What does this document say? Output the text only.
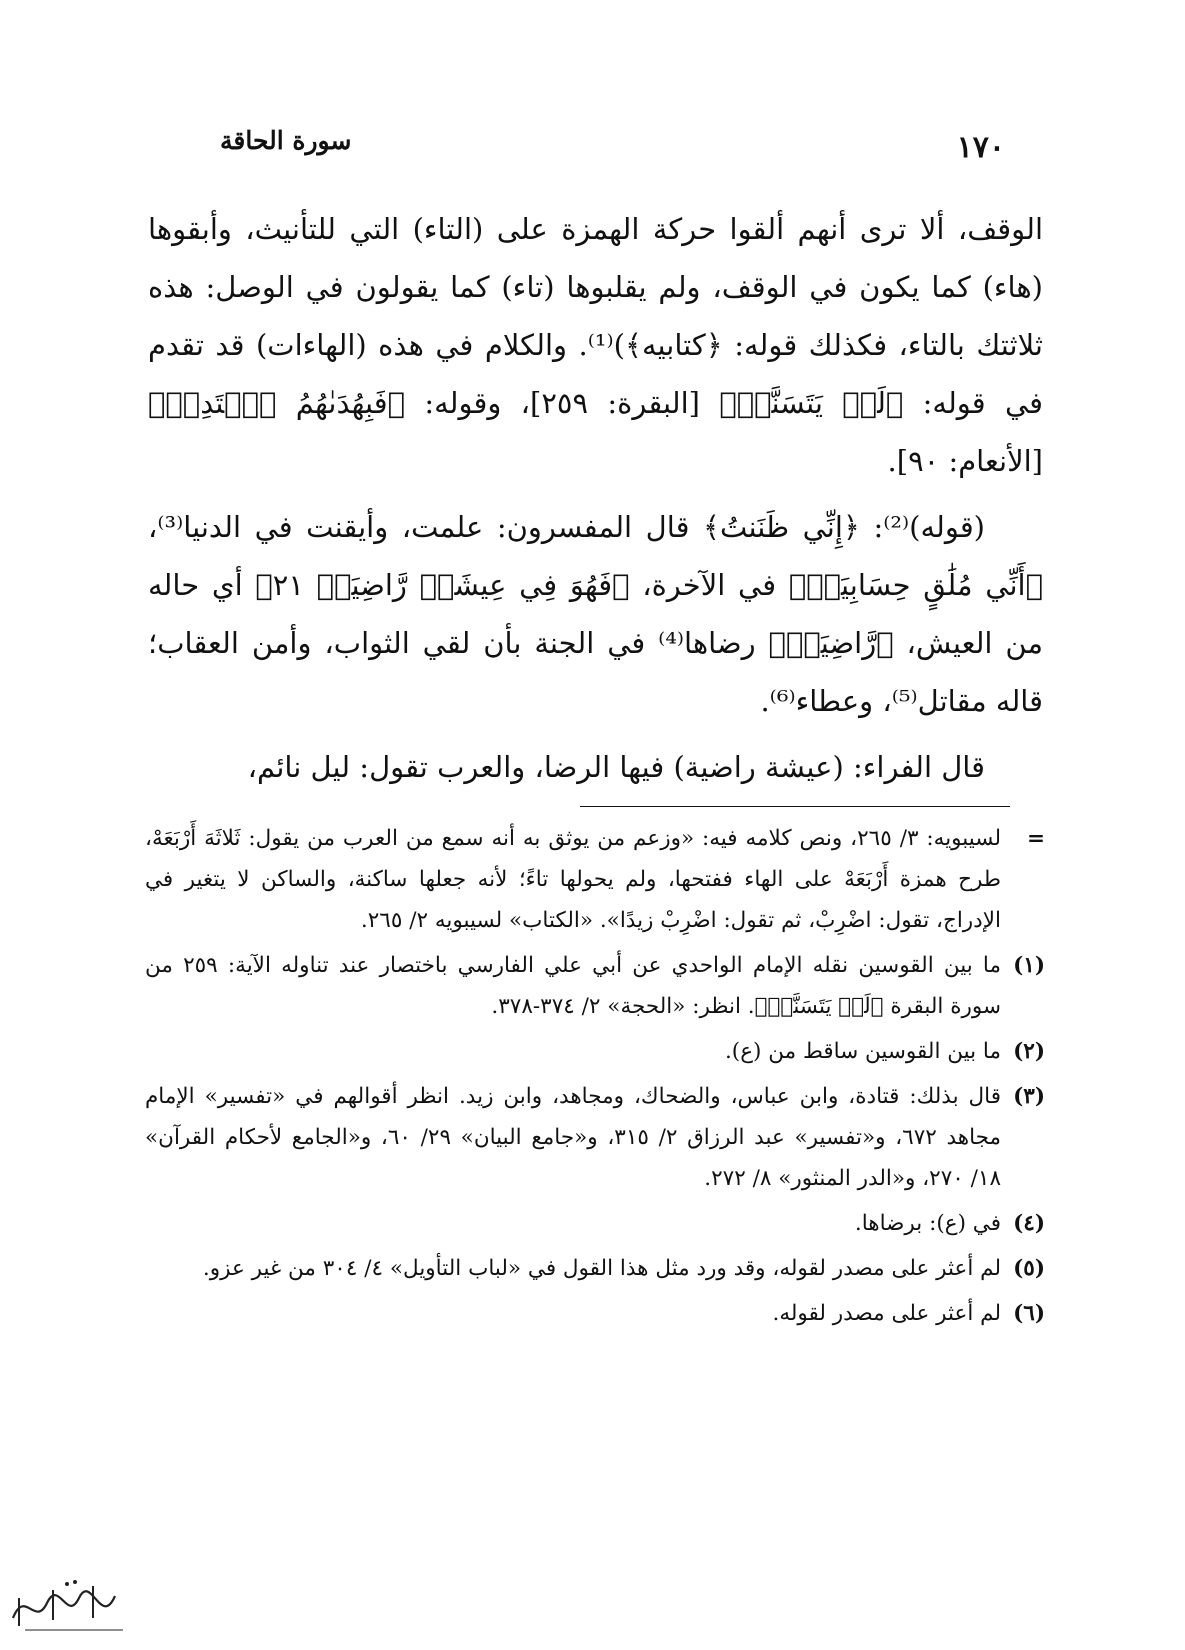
١٧٠
سورة الحاقة

الوقف، ألا ترى أنهم ألقوا حركة الهمزة على (التاء) التي للتأنيث، وأبقوها (هاء) كما يكون في الوقف، ولم يقلبوها (تاء) كما يقولون في الوصل: هذه ثلاثتك بالتاء، فكذلك قوله: ﴿كتابيه﴾)⁽¹⁾. والكلام في هذه (الهاءات) قد تقدم في قوله: ﴿لَمۡ يَتَسَنَّهۡ﴾ [البقرة: ٢٥٩]، وقوله: ﴿فَبِهُدَىٰهُمُ ٱقۡتَدِهۡ﴾ [الأنعام: ٩٠].

(قوله)⁽²⁾: ﴿إِنِّي ظَنَنتُ﴾ قال المفسرون: علمت، وأيقنت في الدنيا⁽³⁾، ﴿أَنِّي مُلَٰقٍ حِسَابِيَهۡ﴾ في الآخرة، ﴿فَهُوَ فِي عِيشَةٖ رَّاضِيَةٖ ٢١﴾ أي حاله من العيش، ﴿رَّاضِيَةٖ﴾ رضاها⁽⁴⁾ في الجنة بأن لقي الثواب، وأمن العقاب؛ قاله مقاتل⁽⁵⁾، وعطاء⁽⁶⁾.

قال الفراء: (عيشة راضية) فيها الرضا، والعرب تقول: ليل نائم،

=
لسيبويه: ٣/ ٢٦٥، ونص كلامه فيه: «وزعم من يوثق به أنه سمع من العرب من يقول: ثَلاثَهَ أَرْبَعَهْ، طرح همزة أَرْبَعَهْ على الهاء ففتحها، ولم يحولها تاءً؛ لأنه جعلها ساكنة، والساكن لا يتغير في الإدراج، تقول: اضْرِبْ، ثم تقول: اضْرِبْ زيدًا». «الكتاب» لسيبويه ٢/ ٢٦٥.
(١)
ما بين القوسين نقله الإمام الواحدي عن أبي علي الفارسي باختصار عند تناوله الآية: ٢٥٩ من سورة البقرة ﴿لَمۡ يَتَسَنَّهۡ﴾. انظر: «الحجة» ٢/ ٣٧٤-٣٧٨.
(٢)
ما بين القوسين ساقط من (ع).
(٣)
قال بذلك: قتادة، وابن عباس، والضحاك، ومجاهد، وابن زيد. انظر أقوالهم في «تفسير» الإمام مجاهد ٦٧٢، و«تفسير» عبد الرزاق ٢/ ٣١٥، و«جامع البيان» ٢٩/ ٦٠، و«الجامع لأحكام القرآن» ١٨/ ٢٧٠، و«الدر المنثور» ٨/ ٢٧٢.
(٤)
في (ع): برضاها.
(٥)
لم أعثر على مصدر لقوله، وقد ورد مثل هذا القول في «لباب التأويل» ٤/ ٣٠٤ من غير عزو.
(٦)
لم أعثر على مصدر لقوله.
